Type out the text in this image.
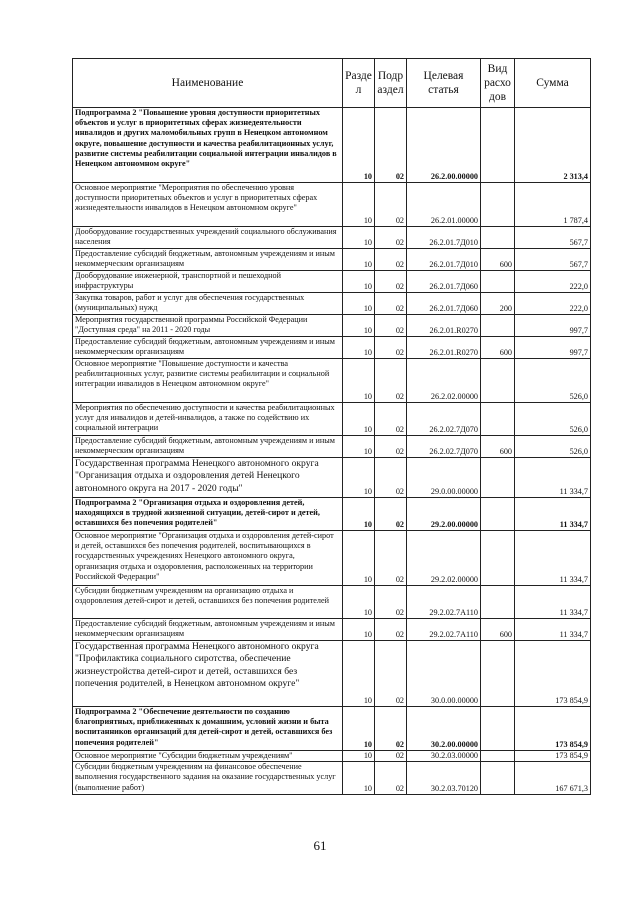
Наименование	Разде л	Подр аздел	Целевая статья	Вид расхо дов	Сумма
Подпрограмма 2 "Повышение уровня доступности приоритетных объектов и услуг в приоритетных сферах жизнедеятельности инвалидов и других маломобильных групп в Ненецком автономном округе, повышение доступности и качества реабилитационных услуг, развитие системы реабилитации социальной интеграции инвалидов в Ненецком автономном округе"	10	02	26.2.00.00000		2 313,4
Основное мероприятие "Мероприятия по обеспечению уровня доступности приоритетных объектов и услуг в приоритетных сферах жизнедеятельности инвалидов в Ненецком автономном округе"	10	02	26.2.01.00000		1 787,4
Дооборудование государственных учреждений социального обслуживания населения	10	02	26.2.01.7Д010		567,7
Предоставление субсидий бюджетным, автономным учреждениям и иным некоммерческим организациям	10	02	26.2.01.7Д010	600	567,7
Дооборудование инженерной, транспортной и пешеходной инфраструктуры	10	02	26.2.01.7Д060		222,0
Закупка товаров, работ и услуг для обеспечения государственных (муниципальных) нужд	10	02	26.2.01.7Д060	200	222,0
Мероприятия государственной программы Российской Федерации "Доступная среда" на 2011 - 2020 годы	10	02	26.2.01.R0270		997,7
Предоставление субсидий бюджетным, автономным учреждениям и иным некоммерческим организациям	10	02	26.2.01.R0270	600	997,7
Основное мероприятие "Повышение доступности и качества реабилитационных услуг, развитие системы реабилитации и социальной интеграции инвалидов в Ненецком автономном округе"	10	02	26.2.02.00000		526,0
Мероприятия по обеспечению доступности и качества реабилитационных услуг для инвалидов и детей-инвалидов, а также по содействию их социальной интеграции	10	02	26.2.02.7Д070		526,0
Предоставление субсидий бюджетным, автономным учреждениям и иным некоммерческим организациям	10	02	26.2.02.7Д070	600	526,0
Государственная программа Ненецкого автономного округа "Организация отдыха и оздоровления детей Ненецкого автономного округа на 2017 - 2020 годы"	10	02	29.0.00.00000		11 334,7
Подпрограмма 2 "Организация отдыха и оздоровления детей, находящихся в трудной жизненной ситуации, детей-сирот и детей, оставшихся без попечения родителей"	10	02	29.2.00.00000		11 334,7
Основное мероприятие "Организация отдыха и оздоровления детей-сирот и детей, оставшихся без попечения родителей, воспитывающихся в государственных учреждениях Ненецкого автономного округа, организация отдыха и оздоровления, расположенных на территории Российской Федерации"	10	02	29.2.02.00000		11 334,7
Субсидии бюджетным учреждениям на организацию отдыха и оздоровления детей-сирот и детей, оставшихся без попечения родителей	10	02	29.2.02.7А110		11 334,7
Предоставление субсидий бюджетным, автономным учреждениям и иным некоммерческим организациям	10	02	29.2.02.7А110	600	11 334,7
Государственная программа Ненецкого автономного округа "Профилактика социального сиротства, обеспечение жизнеустройства детей-сирот и детей, оставшихся без попечения родителей, в Ненецком автономном округе"	10	02	30.0.00.00000		173 854,9
Подпрограмма 2 "Обеспечение деятельности по созданию благоприятных, приближенных к домашним, условий жизни и быта воспитанников организаций для детей-сирот и детей, оставшихся без попечения родителей"	10	02	30.2.00.00000		173 854,9
Основное мероприятие "Субсидии бюджетным учреждениям"	10	02	30.2.03.00000		173 854,9
Субсидии бюджетным учреждениям на финансовое обеспечение выполнения государственного задания на оказание государственных услуг (выполнение работ)	10	02	30.2.03.70120		167 671,3
61
